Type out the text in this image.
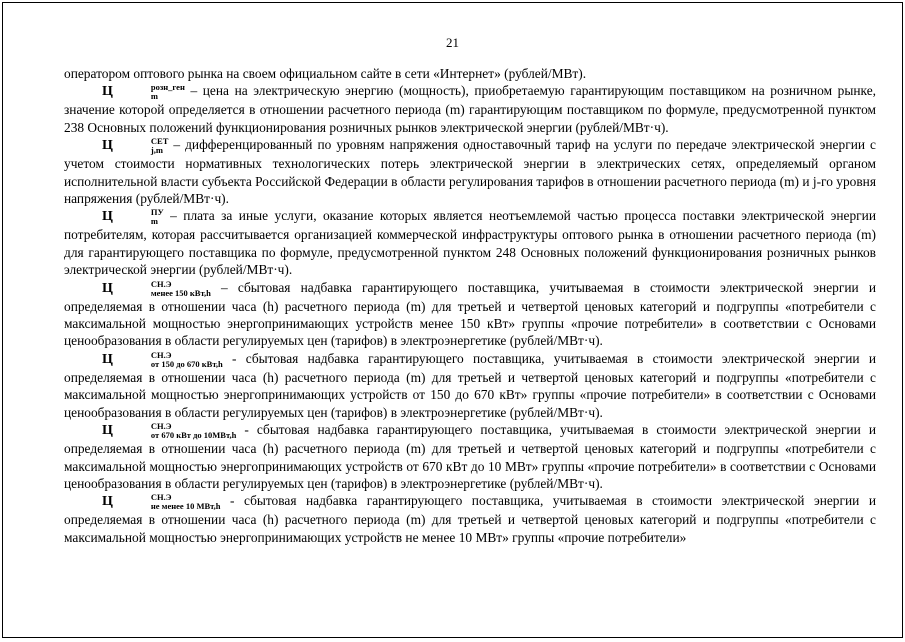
21

оператором оптового рынка на своем официальном сайте в сети «Интернет» (рублей/МВт).

Ц	розн_ген
m	– цена на электрическую энергию (мощность), приобретаемую гарантирующим поставщиком на розничном рынке, значение которой определяется в отношении расчетного периода (m) гарантирующим поставщиком по формуле, предусмотренной пунктом 238 Основных положений функционирования розничных рынков электрической энергии (рублей/МВт·ч).

Ц	СЕТ
j,m – дифференцированный по уровням напряжения одноставочный тариф на услуги по передаче электрической энергии с учетом стоимости нормативных технологических потерь электрической энергии в электрических сетях, определяемый органом исполнительной власти субъекта Российской Федерации в области регулирования тарифов в отношении расчетного периода (m) и j-го уровня напряжения (рублей/МВт·ч).

Ц	ПУ
m – плата за иные услуги, оказание которых является неотъемлемой частью процесса поставки электрической энергии потребителям, которая рассчитывается организацией коммерческой инфраструктуры оптового рынка в отношении расчетного периода (m) для гарантирующего поставщика по формуле, предусмотренной пунктом 248 Основных положений функционирования розничных рынков электрической энергии (рублей/МВт·ч).

Ц	СН.Э
менее 150 кВт,h – сбытовая надбавка гарантирующего поставщика, учитываемая в стоимости электрической энергии и определяемая в отношении часа (h) расчетного периода (m) для третьей и четвертой ценовых категорий и подгруппы «потребители с максимальной мощностью энергопринимающих устройств менее 150 кВт» группы «прочие потребители» в соответствии с Основами ценообразования в области регулируемых цен (тарифов) в электроэнергетике (рублей/МВт·ч).

Ц	СН.Э
от 150 до 670 кВт,h - сбытовая надбавка гарантирующего поставщика, учитываемая в стоимости электрической энергии и определяемая в отношении часа (h) расчетного периода (m) для третьей и четвертой ценовых категорий и подгруппы «потребители с максимальной мощностью энергопринимающих устройств от 150 до 670 кВт» группы «прочие потребители» в соответствии с Основами ценообразования в области регулируемых цен (тарифов) в электроэнергетике (рублей/МВт·ч).

Ц	СН.Э
от 670 кВт до 10МВт,h - сбытовая надбавка гарантирующего поставщика, учитываемая в стоимости электрической энергии и определяемая в отношении часа (h) расчетного периода (m) для третьей и четвертой ценовых категорий и подгруппы «потребители с максимальной мощностью энергопринимающих устройств от 670 кВт до 10 МВт» группы «прочие потребители» в соответствии с Основами ценообразования в области регулируемых цен (тарифов) в электроэнергетике (рублей/МВт·ч).

Ц	СН.Э
не менее 10 МВт,h - сбытовая надбавка гарантирующего поставщика, учитываемая в стоимости электрической энергии и определяемая в отношении часа (h) расчетного периода (m) для третьей и четвертой ценовых категорий и подгруппы «потребители с максимальной мощностью энергопринимающих устройств не менее 10 МВт» группы «прочие потребители»
